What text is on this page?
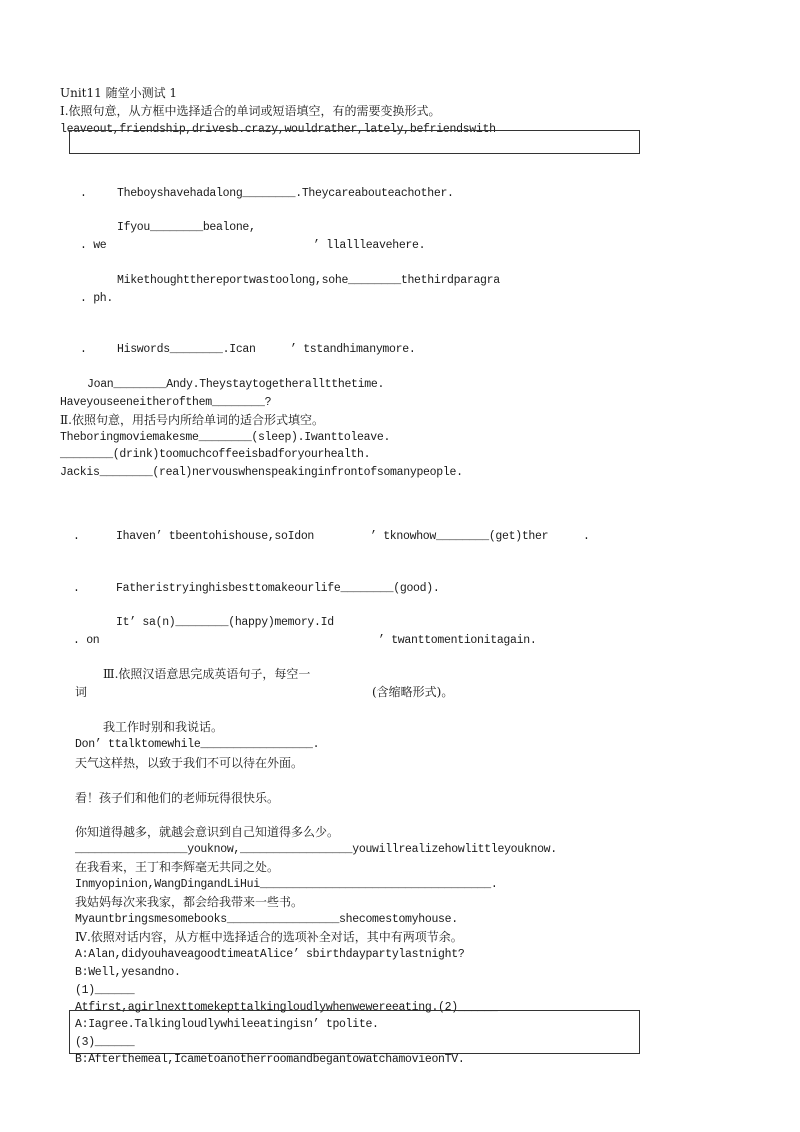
Unit11 随堂小测试 1
Ⅰ.依照句意，从方框中选择适合的单词或短语填空，有的需要变换形式。
leaveout,friendship,drivesb.crazy,wouldrather,lately,befriendswith
.	Theboyshavehadalong________.Theycareabouteachother.
Ifyou________bealone,
. we	’ llallleavehere.
Mikethoughtthereportwastoolong,sohe________thethirdparagra
. ph.
.	Hiswords________.Ican	’ tstandhimanymore.
Joan________Andy.Theystaytogetheralltthetime.
Haveyouseeneitherofthem________?
Ⅱ.依照句意，用括号内所给单词的适合形式填空。
Theboringmoviemakesme________(sleep).Iwanttoleave.
________(drink)toomuchcoffeeisbadforyourhealth.
Jackis________(real)nervouswhenspeakinginfrontofsomanypeople.
.	Ihaven’ tbeentohishouse,soIdon	’ tknowhow________(get)ther	.
.	Fatheristryinghisbesttomakeourlife________(good).
It’ sa(n)________(happy)memory.Id
. on	’ twanttomentionitagain.
Ⅲ.依照汉语意思完成英语句子，每空一
词	(含缩略形式)。
我工作时别和我说话。
Don’ ttalktomewhile_________________.
天气这样热，以致于我们不可以待在外面。
看！孩子们和他们的老师玩得很快乐。
你知道得越多，就越会意识到自己知道得多么少。
_________________youknow,_________________youwillrealizehowlittleyouknow.
在我看来，王丁和李辉毫无共同之处。
Inmyopinion,WangDingandLiHui___________________________________.
我姑妈每次来我家，都会给我带来一些书。
Myauntbringsmesomebooks_________________shecomestomyhouse.
Ⅳ.依照对话内容，从方框中选择适合的选项补全对话，其中有两项节余。
A:Alan,didyouhaveagoodtimeatAlice’ sbirthdaypartylastnight?
B:Well,yesandno.
(1)______
Atfirst,agirlnexttomekepttalkingloudlywhenwewereeating.(2)______
A:Iagree.Talkingloudlywhileeatingisn’ tpolite.
(3)______
B:Afterthemeal,IcametoanotherroomandbegantowatchamovieonTV.
